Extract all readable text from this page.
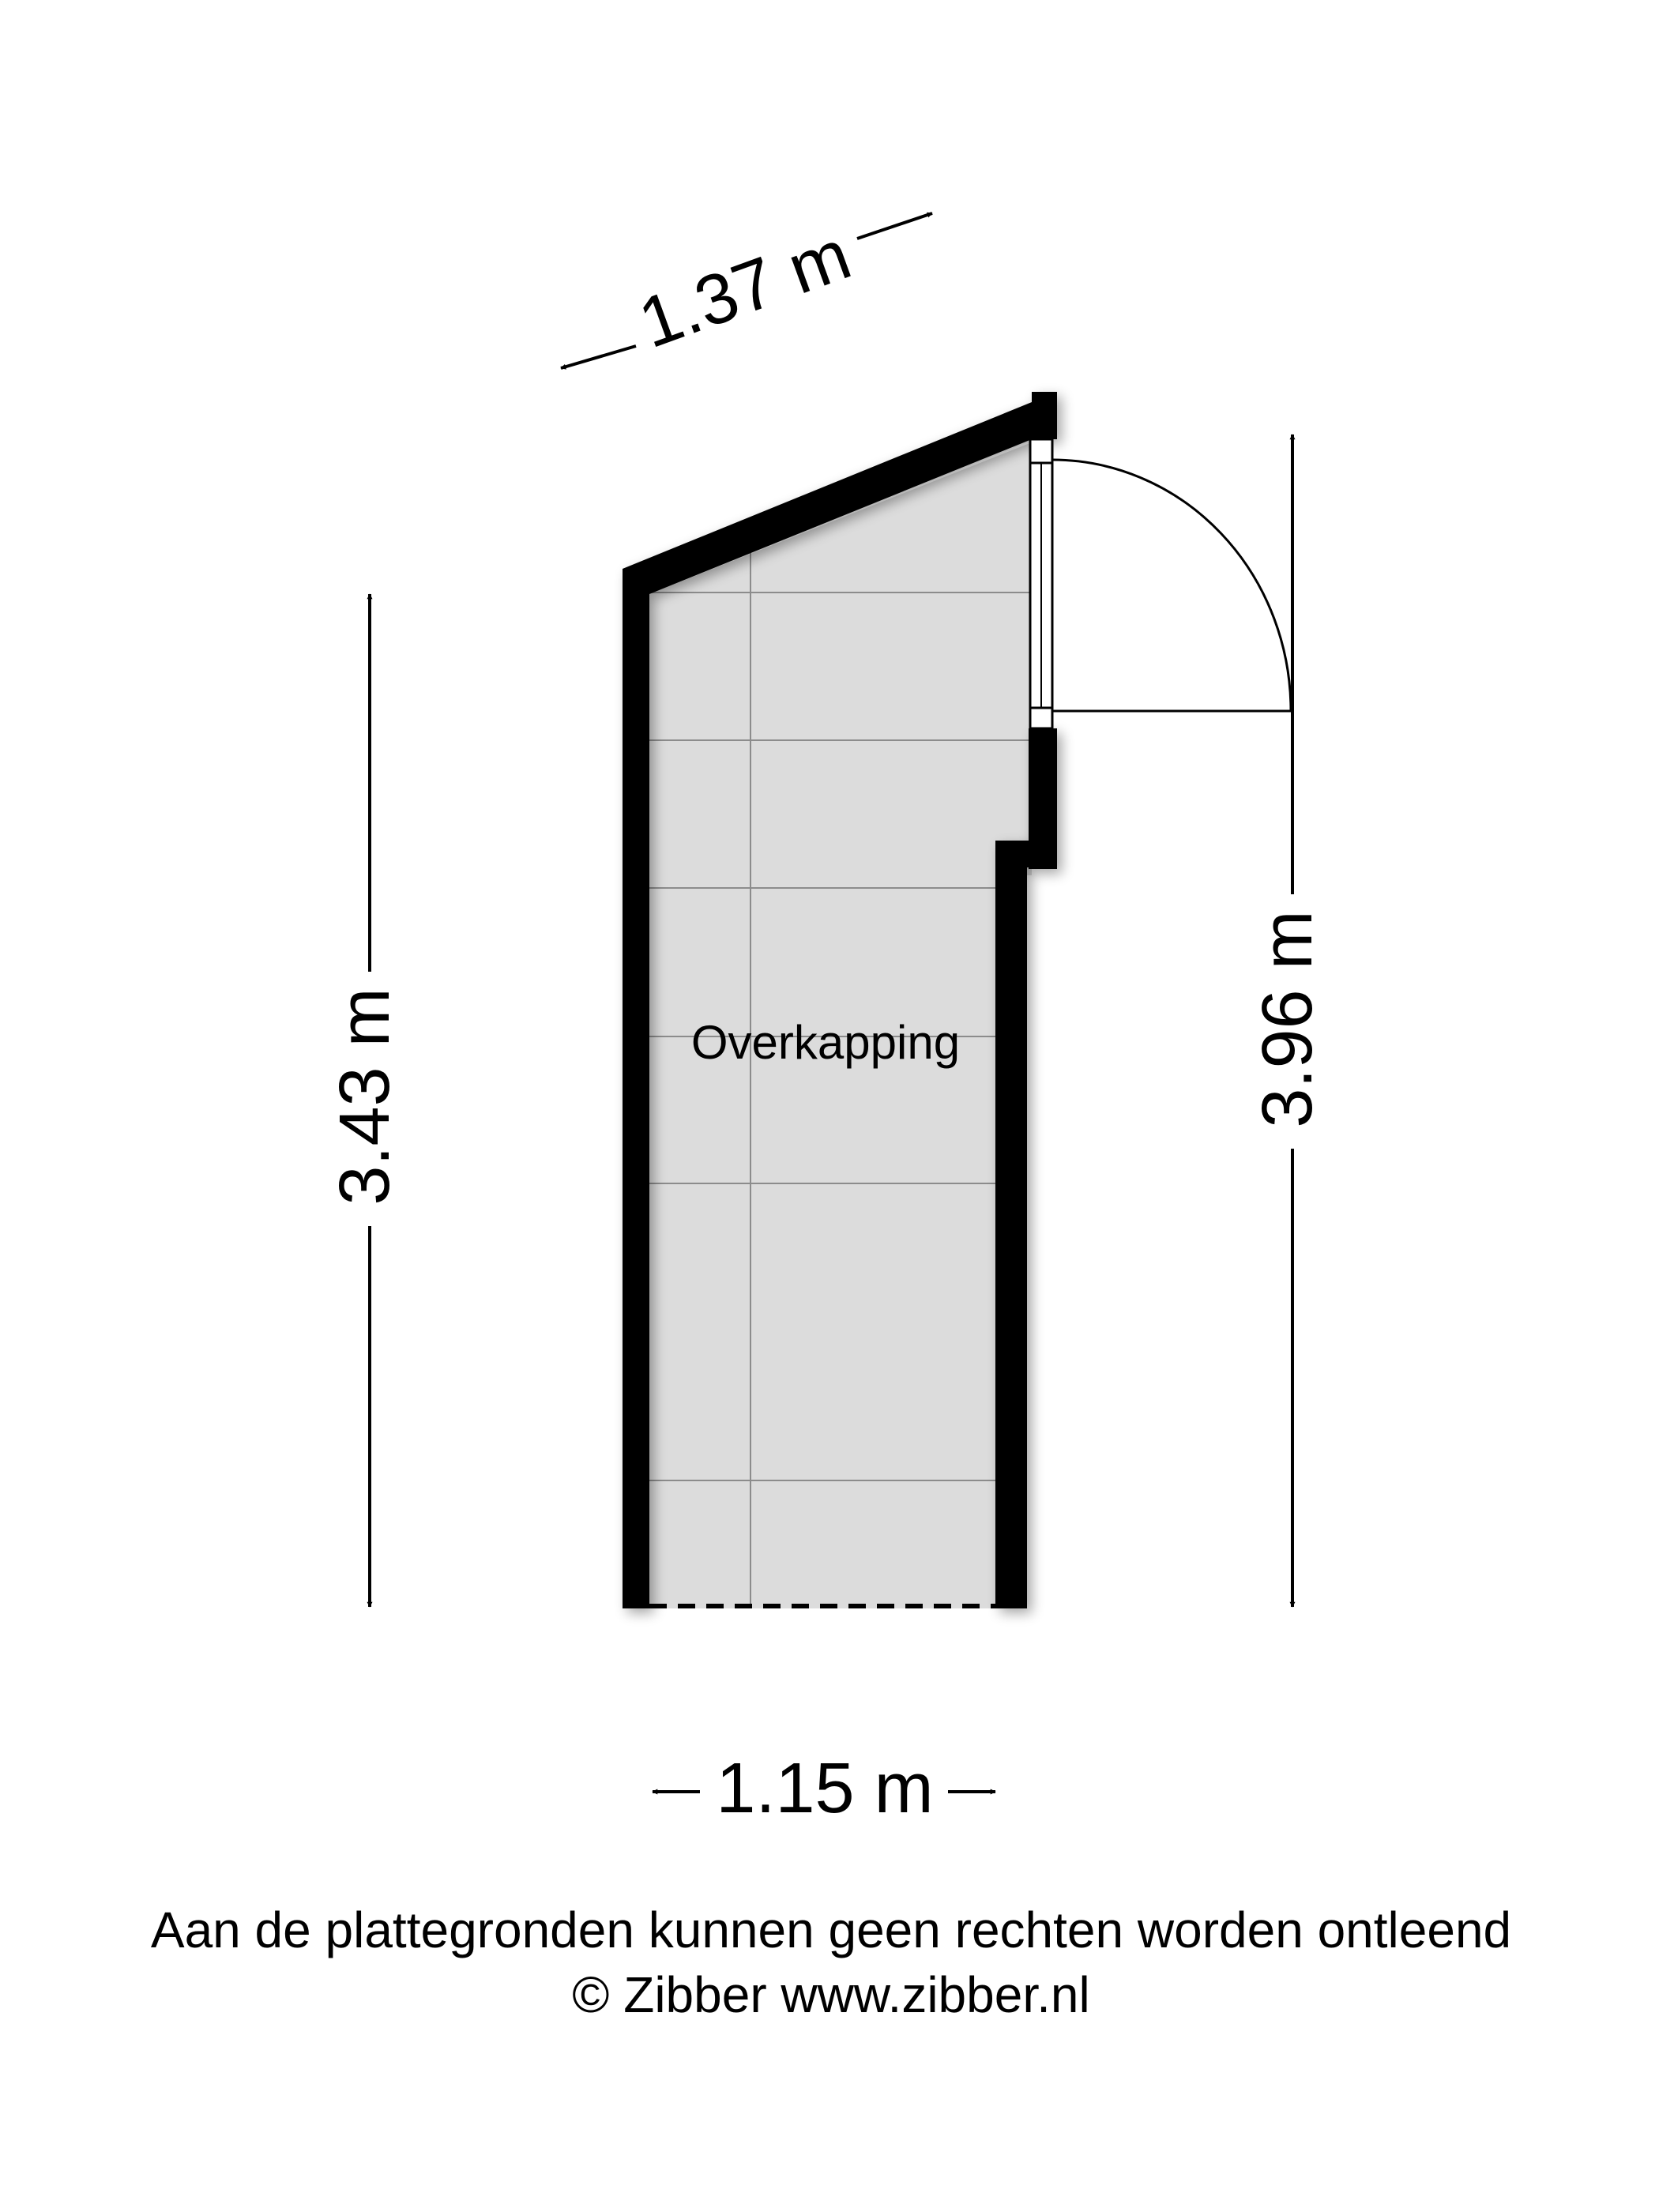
Overkapping
1.37 m
3.43 m	3.96 m
1.15 m
Aan de plattegronden kunnen geen rechten worden ontleend
© Zibber www.zibber.nl
